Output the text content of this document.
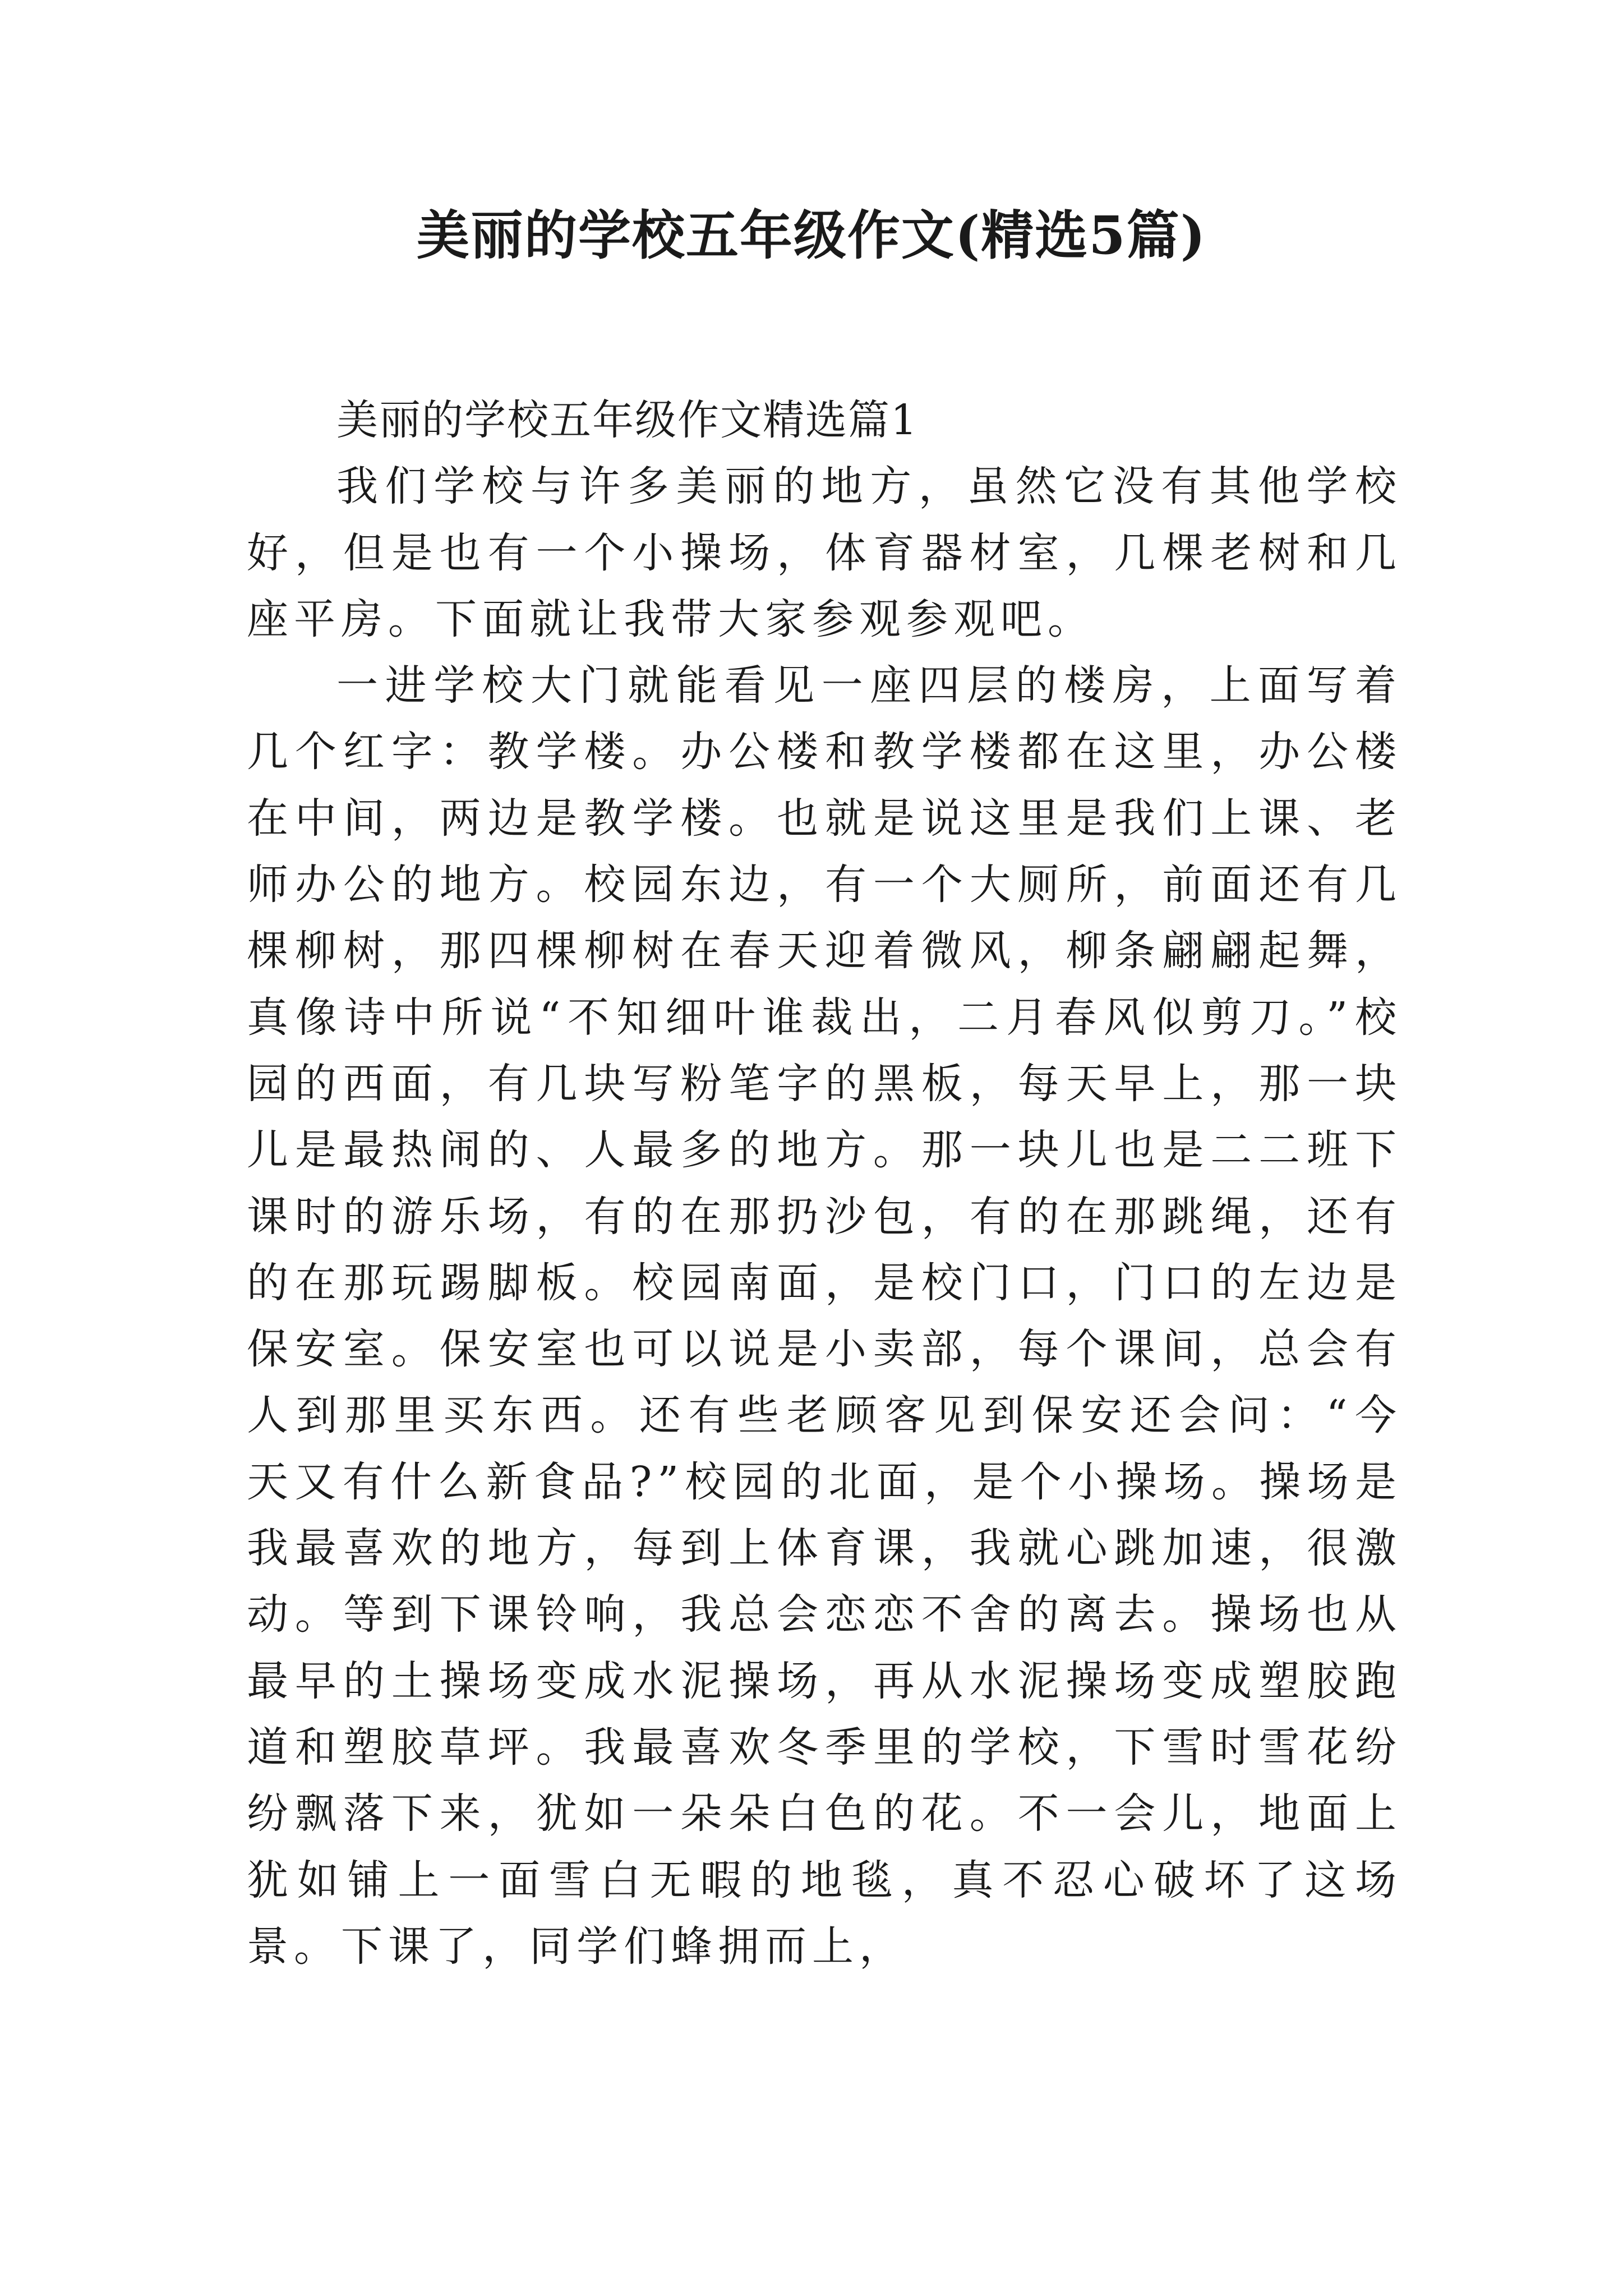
美丽的学校五年级作文(精选5篇)
美丽的学校五年级作文精选篇1

我们学校与许多美丽的地方，虽然它没有其他学校好，但是也有一个小操场，体育器材室，几棵老树和几座平房。下面就让我带大家参观参观吧。

一进学校大门就能看见一座四层的楼房，上面写着几个红字：教学楼。办公楼和教学楼都在这里，办公楼在中间，两边是教学楼。也就是说这里是我们上课、老师办公的地方。校园东边，有一个大厕所，前面还有几棵柳树，那四棵柳树在春天迎着微风，柳条翩翩起舞，真像诗中所说“不知细叶谁裁出，二月春风似剪刀。”校园的西面，有几块写粉笔字的黑板，每天早上，那一块儿是最热闹的、人最多的地方。那一块儿也是二二班下课时的游乐场，有的在那扔沙包，有的在那跳绳，还有的在那玩踢脚板。校园南面，是校门口，门口的左边是保安室。保安室也可以说是小卖部，每个课间，总会有人到那里买东西。还有些老顾客见到保安还会问：“今天又有什么新食品?”校园的北面，是个小操场。操场是我最喜欢的地方，每到上体育课，我就心跳加速，很激动。等到下课铃响，我总会恋恋不舍的离去。操场也从最早的土操场变成水泥操场，再从水泥操场变成塑胶跑道和塑胶草坪。我最喜欢冬季里的学校，下雪时雪花纷纷飘落下来，犹如一朵朵白色的花。不一会儿，地面上犹如铺上一面雪白无暇的地毯，真不忍心破坏了这场景。下课了，同学们蜂拥而上，
